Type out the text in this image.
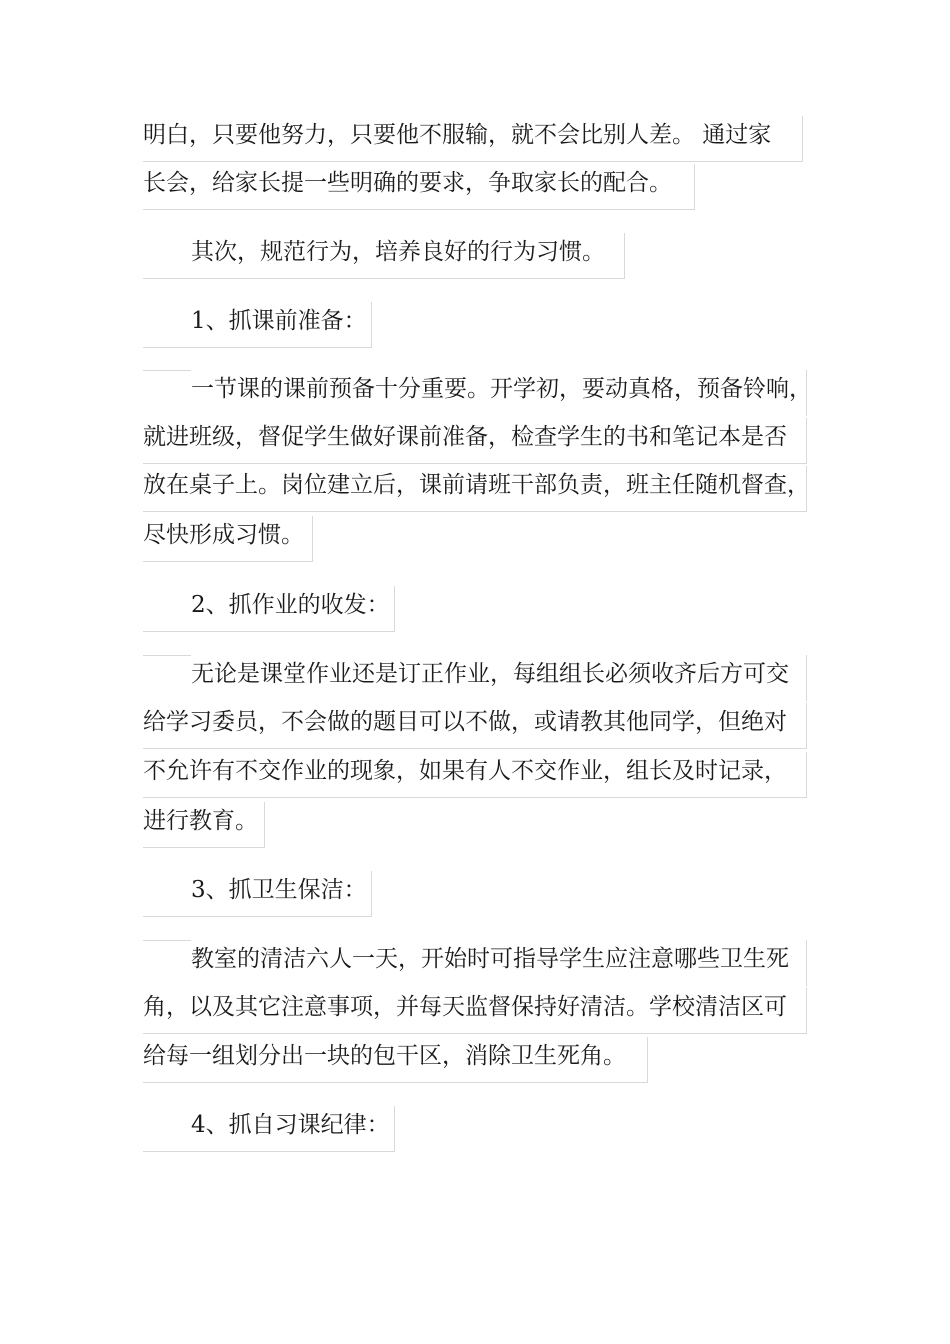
明白，只要他努力，只要他不服输，就不会比别人差。 通过家
长会，给家长提一些明确的要求，争取家长的配合。
其次，规范行为，培养良好的行为习惯。
1、抓课前准备：
一节课的课前预备十分重要。开学初，要动真格，预备铃响，
就进班级，督促学生做好课前准备，检查学生的书和笔记本是否
放在桌子上。岗位建立后，课前请班干部负责，班主任随机督查，
尽快形成习惯。
2、抓作业的收发：
无论是课堂作业还是订正作业，每组组长必须收齐后方可交
给学习委员，不会做的题目可以不做，或请教其他同学，但绝对
不允许有不交作业的现象，如果有人不交作业，组长及时记录，
进行教育。
3、抓卫生保洁：
教室的清洁六人一天，开始时可指导学生应注意哪些卫生死
角，以及其它注意事项，并每天监督保持好清洁。学校清洁区可
给每一组划分出一块的包干区，消除卫生死角。
4、抓自习课纪律：
